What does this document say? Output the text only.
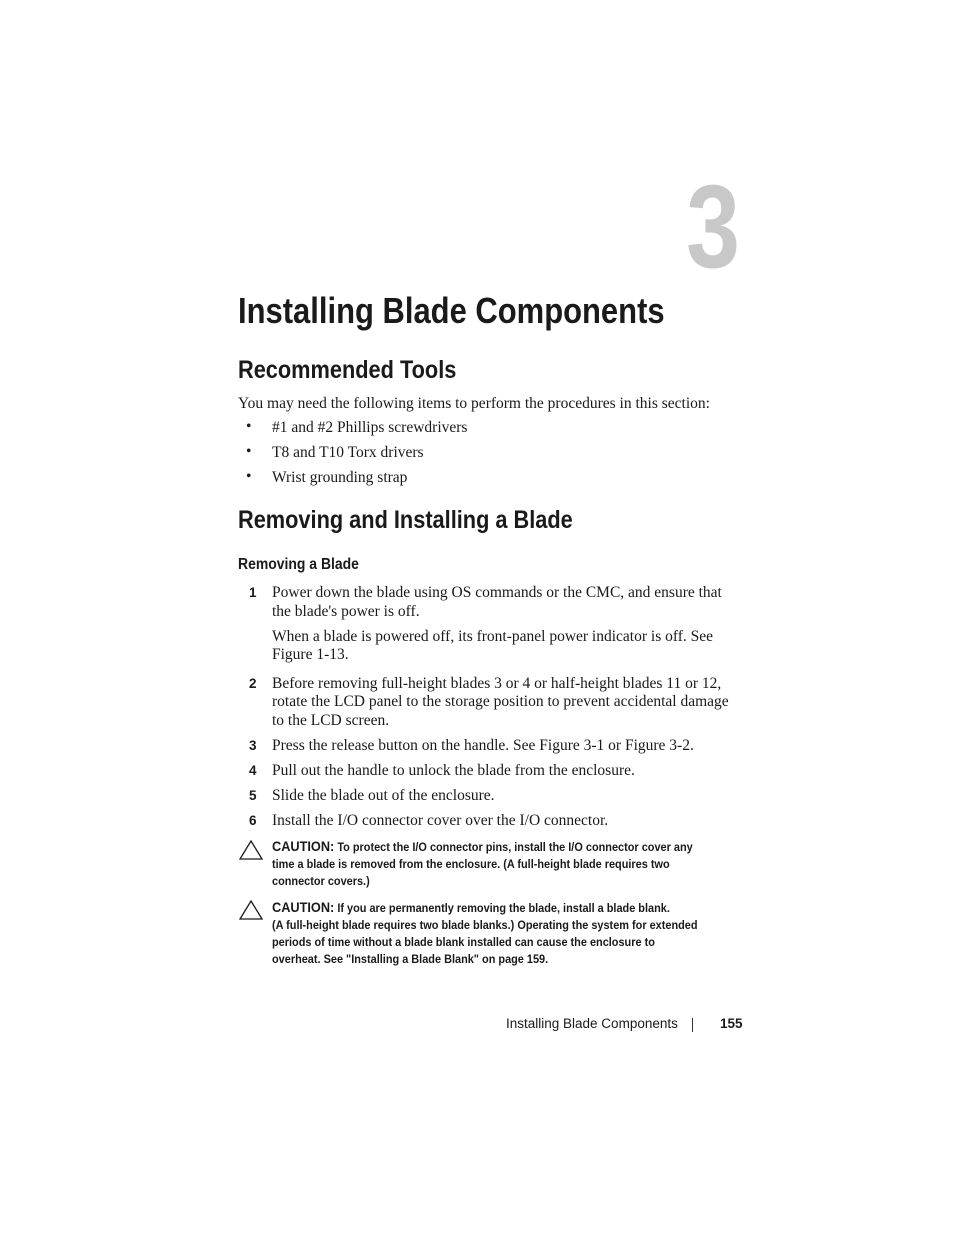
3
Installing Blade Components
Recommended Tools
You may need the following items to perform the procedures in this section:
• #1 and #2 Phillips screwdrivers
• T8 and T10 Torx drivers
• Wrist grounding strap
Removing and Installing a Blade
Removing a Blade
1 Power down the blade using OS commands or the CMC, and ensure that
the blade's power is off.
When a blade is powered off, its front-panel power indicator is off. See
Figure 1-13.
2 Before removing full-height blades 3 or 4 or half-height blades 11 or 12,
rotate the LCD panel to the storage position to prevent accidental damage
to the LCD screen.
3 Press the release button on the handle. See Figure 3-1 or Figure 3-2.
4 Pull out the handle to unlock the blade from the enclosure.
5 Slide the blade out of the enclosure.
6 Install the I/O connector cover over the I/O connector.
CAUTION: To protect the I/O connector pins, install the I/O connector cover any
time a blade is removed from the enclosure. (A full-height blade requires two
connector covers.)
CAUTION: If you are permanently removing the blade, install a blade blank.
(A full-height blade requires two blade blanks.) Operating the system for extended
periods of time without a blade blank installed can cause the enclosure to
overheat. See "Installing a Blade Blank" on page 159.
Installing Blade Components	155
